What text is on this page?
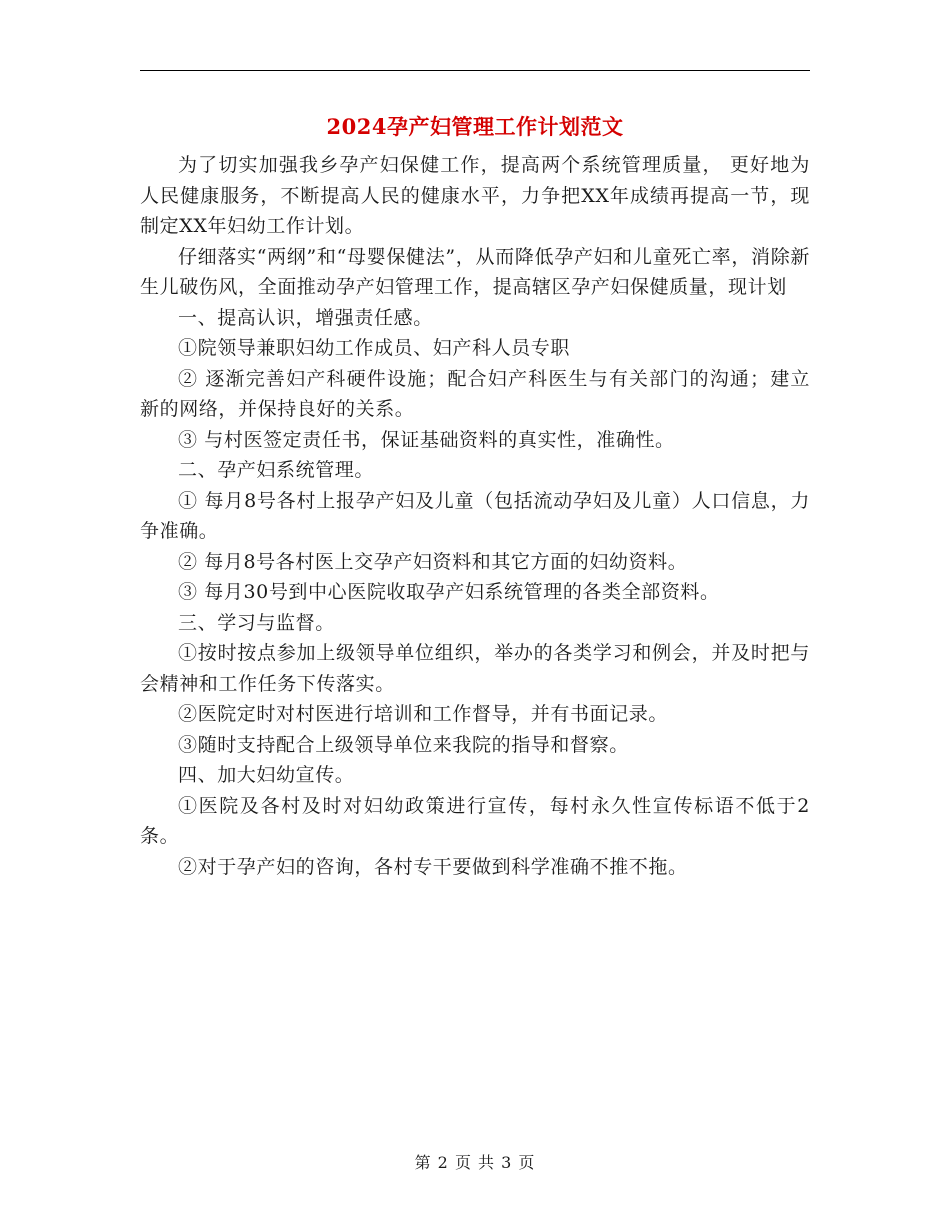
2024孕产妇管理工作计划范文

为了切实加强我乡孕产妇保健工作，提高两个系统管理质量， 更好地为人民健康服务，不断提高人民的健康水平，力争把XX年成绩再提高一节，现制定XX年妇幼工作计划。

仔细落实“两纲”和“母婴保健法”，从而降低孕产妇和儿童死亡率，消除新生儿破伤风，全面推动孕产妇管理工作，提高辖区孕产妇保健质量，现计划

一、提高认识，增强责任感。

①院领导兼职妇幼工作成员、妇产科人员专职

② 逐渐完善妇产科硬件设施；配合妇产科医生与有关部门的沟通；建立新的网络，并保持良好的关系。

③ 与村医签定责任书，保证基础资料的真实性，准确性。

二、孕产妇系统管理。

① 每月8号各村上报孕产妇及儿童（包括流动孕妇及儿童）人口信息，力争准确。

② 每月8号各村医上交孕产妇资料和其它方面的妇幼资料。

③ 每月30号到中心医院收取孕产妇系统管理的各类全部资料。

三、学习与监督。

①按时按点参加上级领导单位组织，举办的各类学习和例会，并及时把与会精神和工作任务下传落实。

②医院定时对村医进行培训和工作督导，并有书面记录。

③随时支持配合上级领导单位来我院的指导和督察。

四、加大妇幼宣传。

①医院及各村及时对妇幼政策进行宣传，每村永久性宣传标语不低于2条。

②对于孕产妇的咨询，各村专干要做到科学准确不推不拖。

第 2 页 共 3 页
